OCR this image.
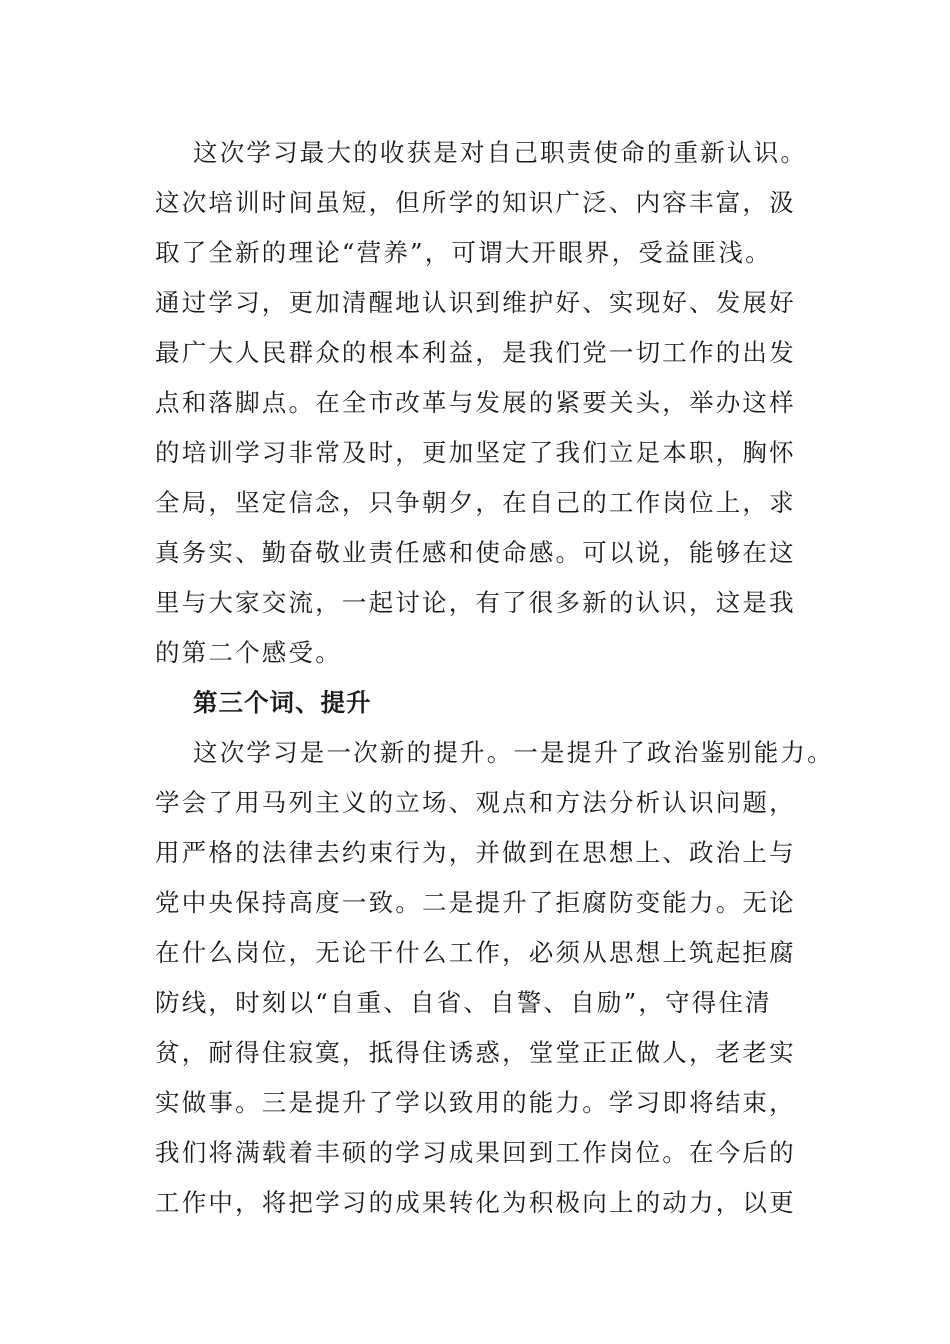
这次学习最大的收获是对自己职责使命的重新认识。
这次培训时间虽短，但所学的知识广泛、内容丰富，汲
取了全新的理论“营养”，可谓大开眼界，受益匪浅。
通过学习，更加清醒地认识到维护好、实现好、发展好
最广大人民群众的根本利益，是我们党一切工作的出发
点和落脚点。在全市改革与发展的紧要关头，举办这样
的培训学习非常及时，更加坚定了我们立足本职，胸怀
全局，坚定信念，只争朝夕，在自己的工作岗位上，求
真务实、勤奋敬业责任感和使命感。可以说，能够在这
里与大家交流，一起讨论，有了很多新的认识，这是我
的第二个感受。
第三个词、提升
这次学习是一次新的提升。一是提升了政治鉴别能力。
学会了用马列主义的立场、观点和方法分析认识问题，
用严格的法律去约束行为，并做到在思想上、政治上与
党中央保持高度一致。二是提升了拒腐防变能力。无论
在什么岗位，无论干什么工作，必须从思想上筑起拒腐
防线，时刻以“自重、自省、自警、自励”，守得住清
贫，耐得住寂寞，抵得住诱惑，堂堂正正做人，老老实
实做事。三是提升了学以致用的能力。学习即将结束，
我们将满载着丰硕的学习成果回到工作岗位。在今后的
工作中，将把学习的成果转化为积极向上的动力，以更
